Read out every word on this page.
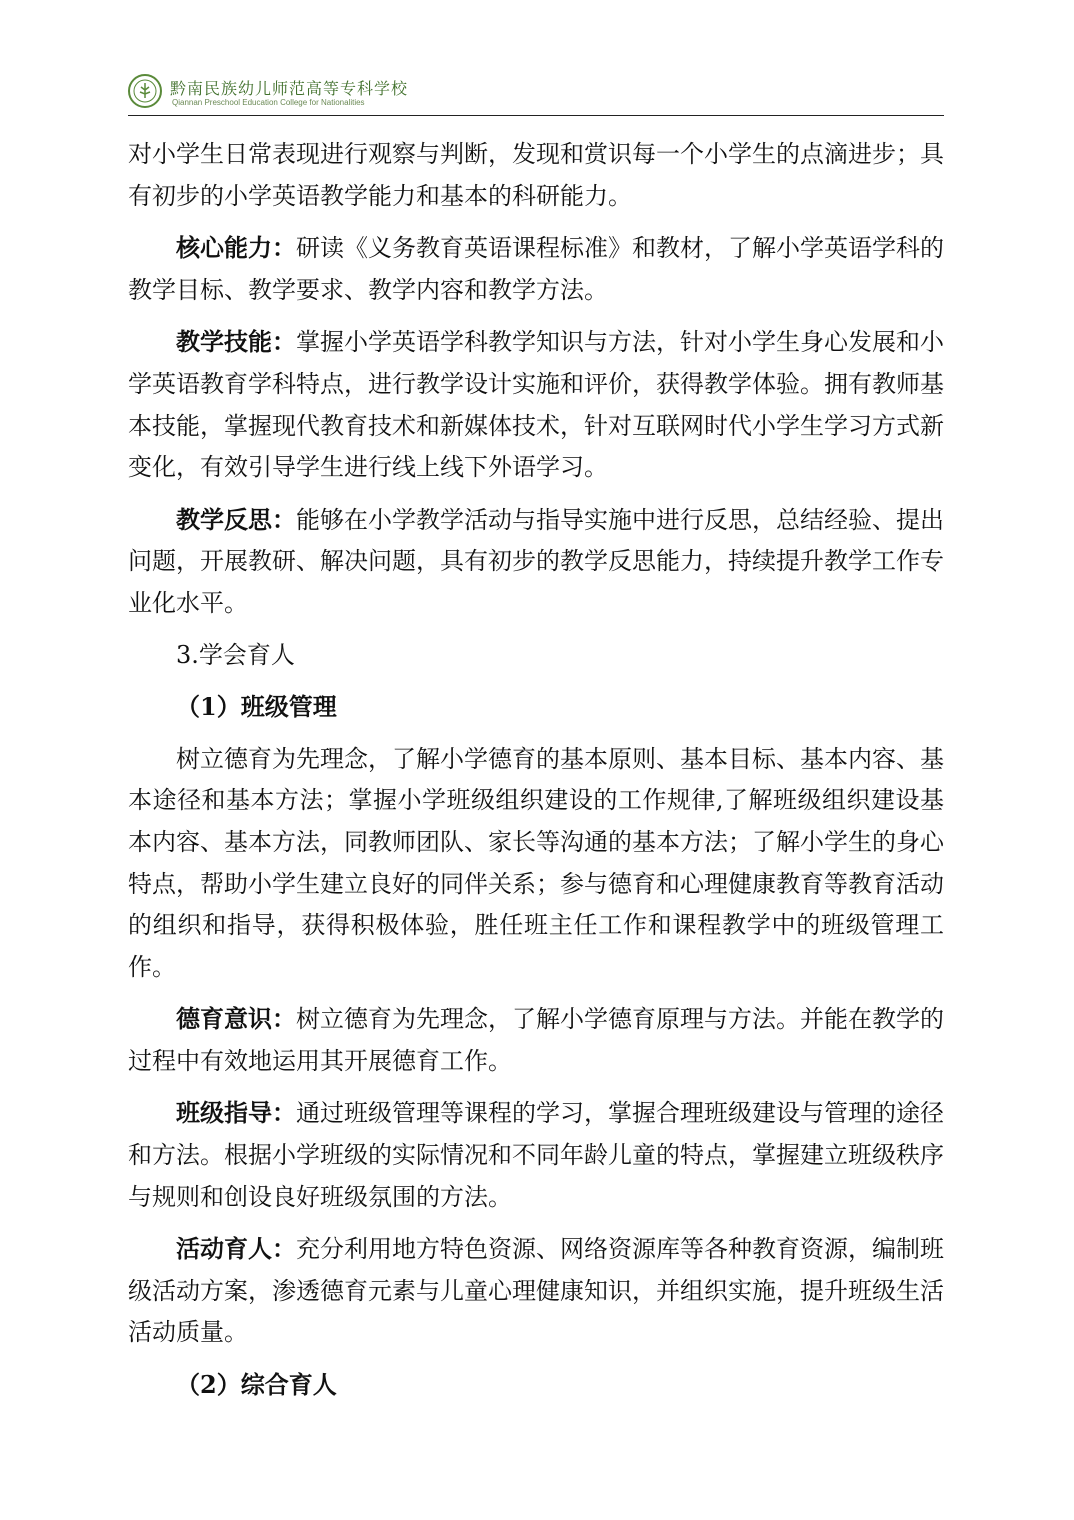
黔南民族幼儿师范高等专科学校
Qiannan Preschool Education College for Nationalities

对小学生日常表现进行观察与判断，发现和赏识每一个小学生的点滴进步；具有初步的小学英语教学能力和基本的科研能力。

核心能力：研读《义务教育英语课程标准》和教材，了解小学英语学科的教学目标、教学要求、教学内容和教学方法。

教学技能：掌握小学英语学科教学知识与方法，针对小学生身心发展和小学英语教育学科特点，进行教学设计实施和评价，获得教学体验。拥有教师基本技能，掌握现代教育技术和新媒体技术，针对互联网时代小学生学习方式新变化，有效引导学生进行线上线下外语学习。

教学反思：能够在小学教学活动与指导实施中进行反思，总结经验、提出问题，开展教研、解决问题，具有初步的教学反思能力，持续提升教学工作专业化水平。

3.学会育人

（1）班级管理

树立德育为先理念，了解小学德育的基本原则、基本目标、基本内容、基本途径和基本方法；掌握小学班级组织建设的工作规律,了解班级组织建设基本内容、基本方法，同教师团队、家长等沟通的基本方法；了解小学生的身心特点，帮助小学生建立良好的同伴关系；参与德育和心理健康教育等教育活动的组织和指导，获得积极体验，胜任班主任工作和课程教学中的班级管理工作。

德育意识：树立德育为先理念，了解小学德育原理与方法。并能在教学的过程中有效地运用其开展德育工作。

班级指导：通过班级管理等课程的学习，掌握合理班级建设与管理的途径和方法。根据小学班级的实际情况和不同年龄儿童的特点，掌握建立班级秩序与规则和创设良好班级氛围的方法。

活动育人：充分利用地方特色资源、网络资源库等各种教育资源，编制班级活动方案，渗透德育元素与儿童心理健康知识，并组织实施，提升班级生活活动质量。

（2）综合育人
